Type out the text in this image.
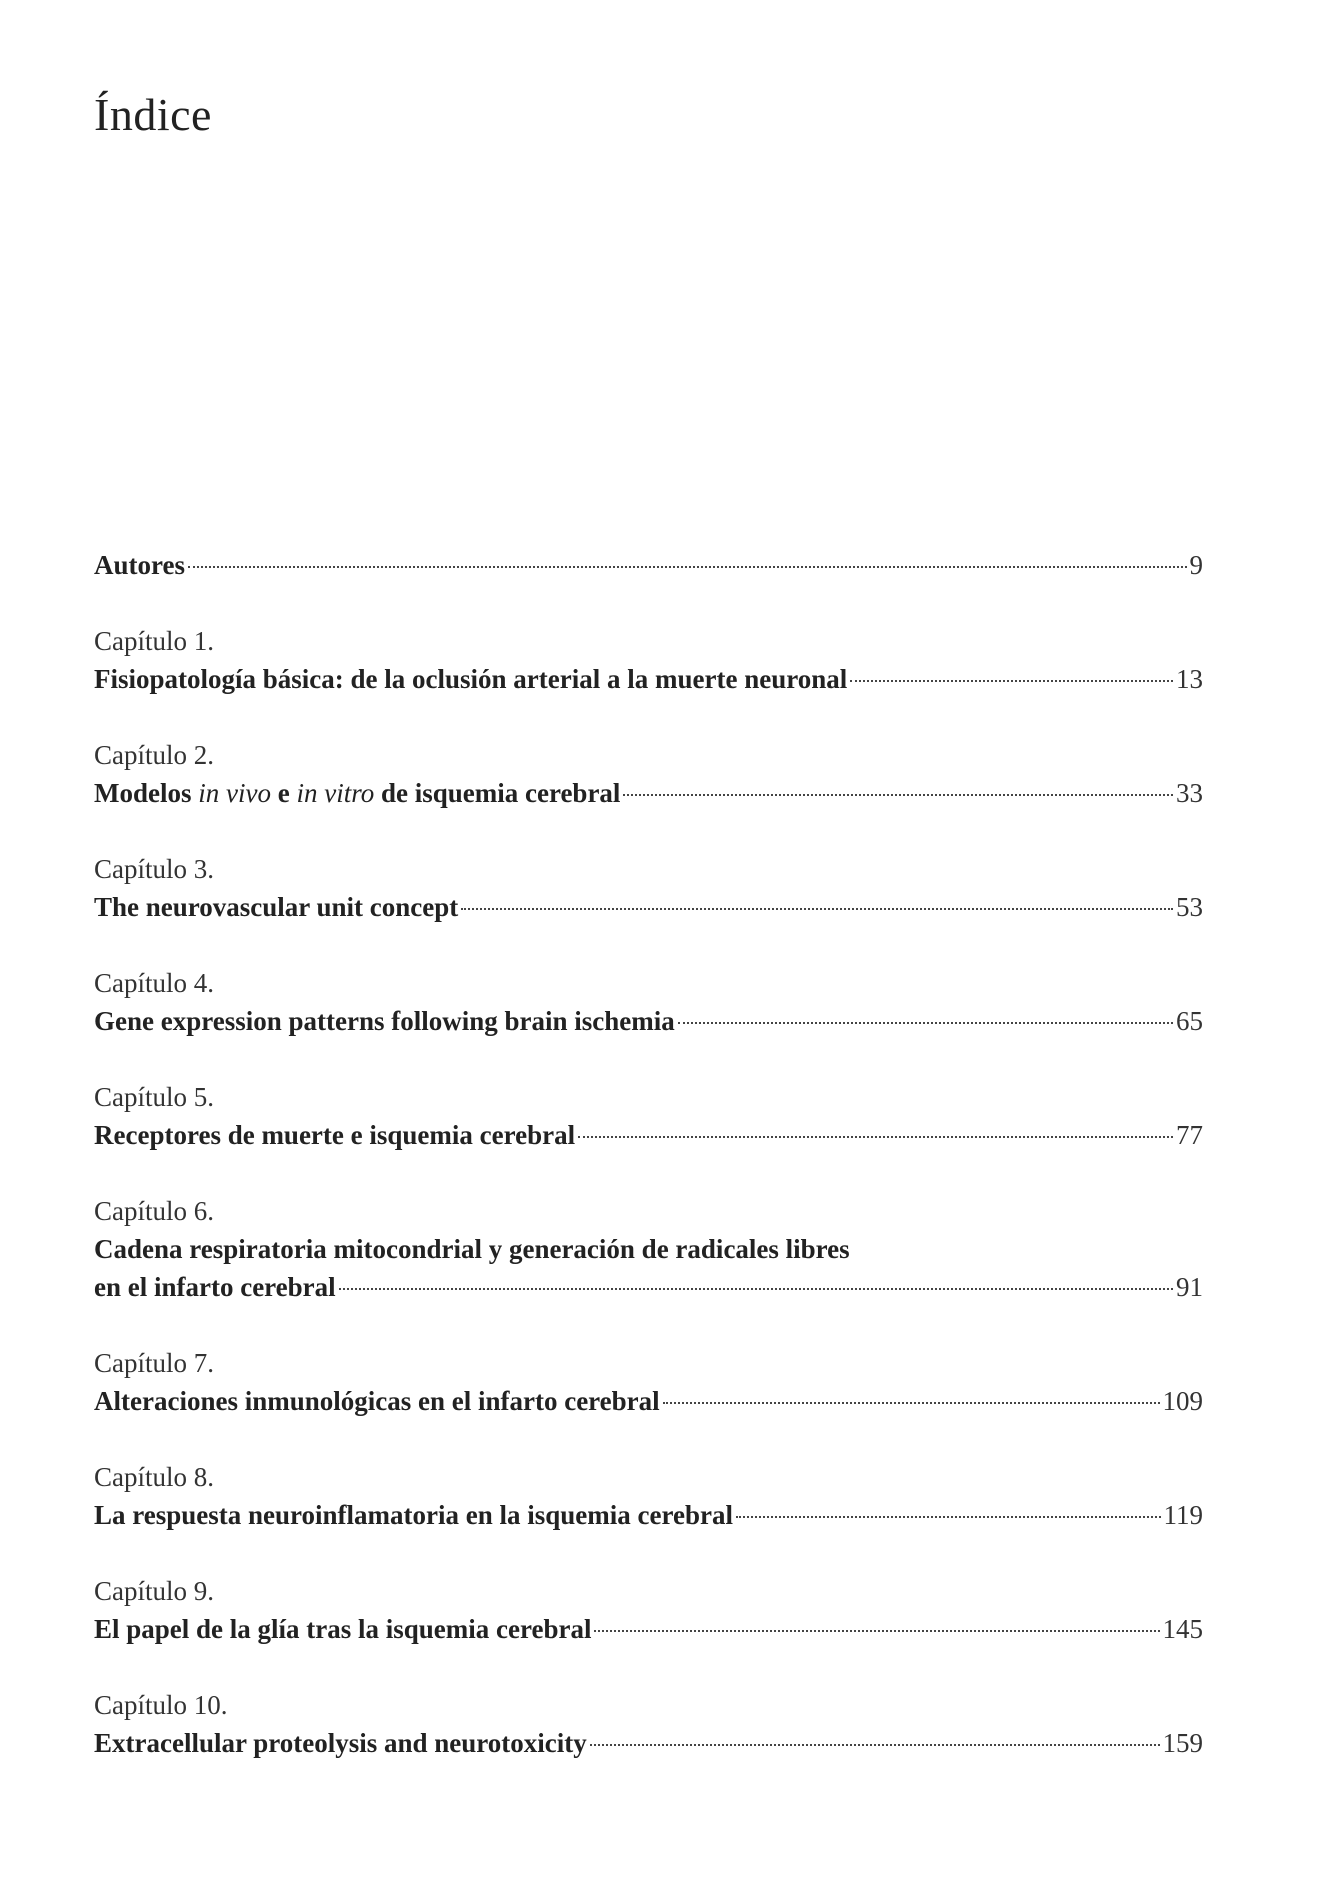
Índice
Autores	9
Capítulo 1.
Fisiopatología básica: de la oclusión arterial a la muerte neuronal	13
Capítulo 2.
Modelos in vivo e in vitro de isquemia cerebral	33
Capítulo 3.
The neurovascular unit concept	53
Capítulo 4.
Gene expression patterns following brain ischemia	65
Capítulo 5.
Receptores de muerte e isquemia cerebral	77
Capítulo 6.
Cadena respiratoria mitocondrial y generación de radicales libres
en el infarto cerebral	91
Capítulo 7.
Alteraciones inmunológicas en el infarto cerebral	109
Capítulo 8.
La respuesta neuroinflamatoria en la isquemia cerebral	119
Capítulo 9.
El papel de la glía tras la isquemia cerebral	145
Capítulo 10.
Extracellular proteolysis and neurotoxicity	159
